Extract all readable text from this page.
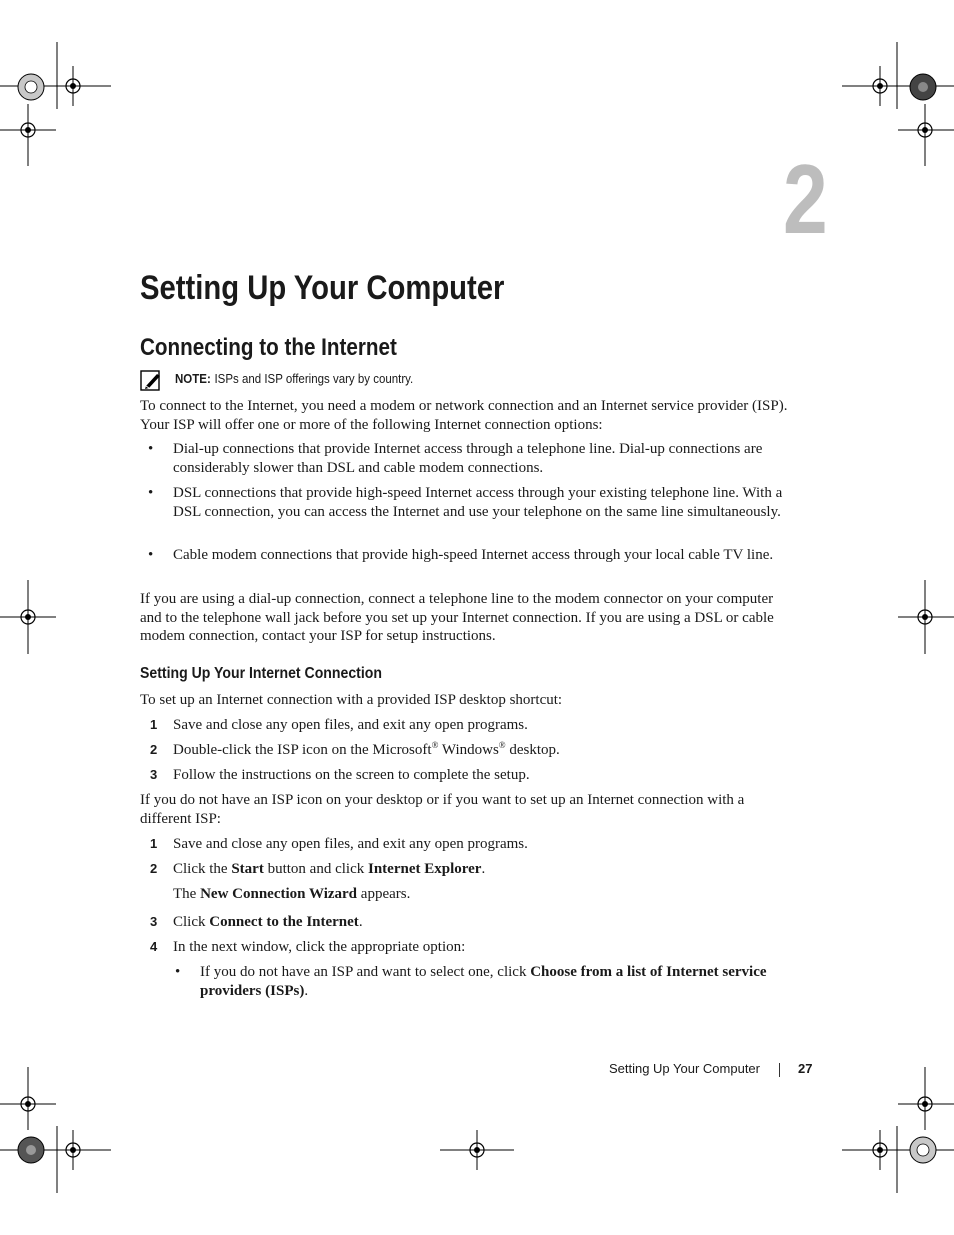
2
Setting Up Your Computer
Connecting to the Internet
NOTE: ISPs and ISP offerings vary by country.

To connect to the Internet, you need a modem or network connection and an Internet service provider (ISP). Your ISP will offer one or more of the following Internet connection options:

• Dial-up connections that provide Internet access through a telephone line. Dial-up connections are considerably slower than DSL and cable modem connections.

• DSL connections that provide high-speed Internet access through your existing telephone line. With a DSL connection, you can access the Internet and use your telephone on the same line simultaneously.

• Cable modem connections that provide high-speed Internet access through your local cable TV line.

If you are using a dial-up connection, connect a telephone line to the modem connector on your computer and to the telephone wall jack before you set up your Internet connection. If you are using a DSL or cable modem connection, contact your ISP for setup instructions.

Setting Up Your Internet Connection

To set up an Internet connection with a provided ISP desktop shortcut:

1 Save and close any open files, and exit any open programs.

2 Double-click the ISP icon on the Microsoft® Windows® desktop.

3 Follow the instructions on the screen to complete the setup.

If you do not have an ISP icon on your desktop or if you want to set up an Internet connection with a different ISP:

1 Save and close any open files, and exit any open programs.

2 Click the Start button and click Internet Explorer.

The New Connection Wizard appears.

3 Click Connect to the Internet.

4 In the next window, click the appropriate option:

• If you do not have an ISP and want to select one, click Choose from a list of Internet service providers (ISPs).

Setting Up Your Computer	27
